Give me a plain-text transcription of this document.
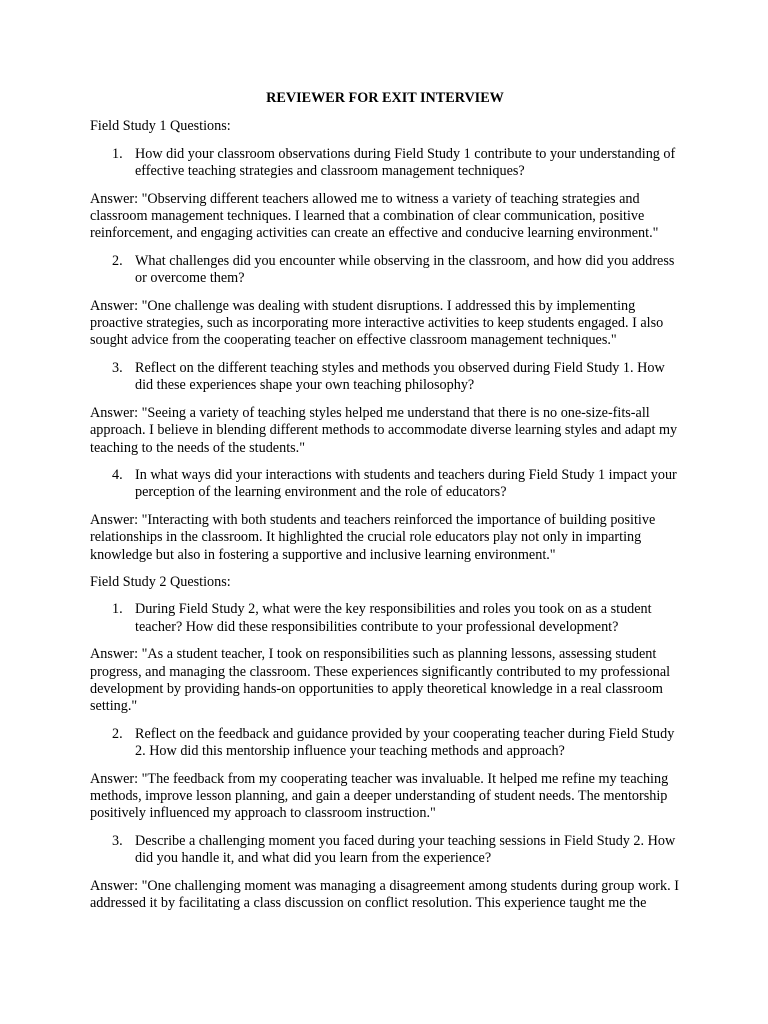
REVIEWER FOR EXIT INTERVIEW
Field Study 1 Questions:
1. How did your classroom observations during Field Study 1 contribute to your understanding of effective teaching strategies and classroom management techniques?
Answer: "Observing different teachers allowed me to witness a variety of teaching strategies and classroom management techniques. I learned that a combination of clear communication, positive reinforcement, and engaging activities can create an effective and conducive learning environment."
2. What challenges did you encounter while observing in the classroom, and how did you address or overcome them?
Answer: "One challenge was dealing with student disruptions. I addressed this by implementing proactive strategies, such as incorporating more interactive activities to keep students engaged. I also sought advice from the cooperating teacher on effective classroom management techniques."
3. Reflect on the different teaching styles and methods you observed during Field Study 1. How did these experiences shape your own teaching philosophy?
Answer: "Seeing a variety of teaching styles helped me understand that there is no one-size-fits-all approach. I believe in blending different methods to accommodate diverse learning styles and adapt my teaching to the needs of the students."
4. In what ways did your interactions with students and teachers during Field Study 1 impact your perception of the learning environment and the role of educators?
Answer: "Interacting with both students and teachers reinforced the importance of building positive relationships in the classroom. It highlighted the crucial role educators play not only in imparting knowledge but also in fostering a supportive and inclusive learning environment."
Field Study 2 Questions:
1. During Field Study 2, what were the key responsibilities and roles you took on as a student teacher? How did these responsibilities contribute to your professional development?
Answer: "As a student teacher, I took on responsibilities such as planning lessons, assessing student progress, and managing the classroom. These experiences significantly contributed to my professional development by providing hands-on opportunities to apply theoretical knowledge in a real classroom setting."
2. Reflect on the feedback and guidance provided by your cooperating teacher during Field Study 2. How did this mentorship influence your teaching methods and approach?
Answer: "The feedback from my cooperating teacher was invaluable. It helped me refine my teaching methods, improve lesson planning, and gain a deeper understanding of student needs. The mentorship positively influenced my approach to classroom instruction."
3. Describe a challenging moment you faced during your teaching sessions in Field Study 2. How did you handle it, and what did you learn from the experience?
Answer: "One challenging moment was managing a disagreement among students during group work. I addressed it by facilitating a class discussion on conflict resolution. This experience taught me the
